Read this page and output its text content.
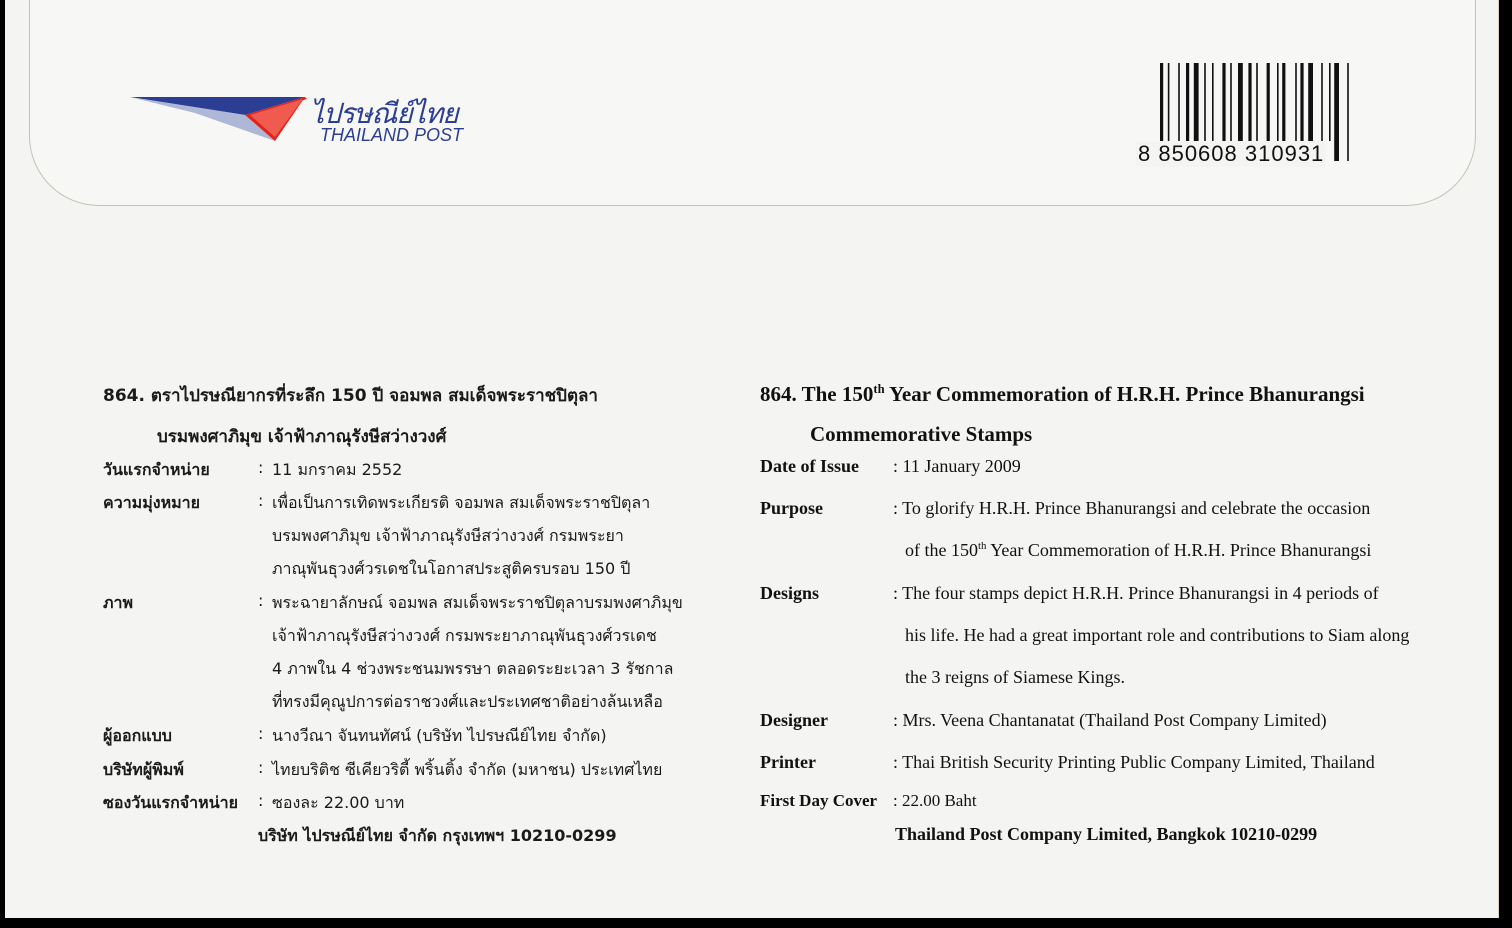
ไปรษณีย์ไทย
THAILAND POST
8 850608 310931
864. ตราไปรษณียากรที่ระลึก 150 ปี จอมพล สมเด็จพระราชปิตุลา
บรมพงศาภิมุข เจ้าฟ้าภาณุรังษีสว่างวงศ์
วันแรกจำหน่าย	: 11 มกราคม 2552
ความมุ่งหมาย	: เพื่อเป็นการเทิดพระเกียรติ จอมพล สมเด็จพระราชปิตุลา
บรมพงศาภิมุข เจ้าฟ้าภาณุรังษีสว่างวงศ์ กรมพระยา
ภาณุพันธุวงศ์วรเดชในโอกาสประสูติครบรอบ 150 ปี
ภาพ	: พระฉายาลักษณ์ จอมพล สมเด็จพระราชปิตุลาบรมพงศาภิมุข
เจ้าฟ้าภาณุรังษีสว่างวงศ์ กรมพระยาภาณุพันธุวงศ์วรเดช
4 ภาพใน 4 ช่วงพระชนมพรรษา ตลอดระยะเวลา 3 รัชกาล
ที่ทรงมีคุณูปการต่อราชวงศ์และประเทศชาติอย่างล้นเหลือ
ผู้ออกแบบ	: นางวีณา จันทนทัศน์ (บริษัท ไปรษณีย์ไทย จำกัด)
บริษัทผู้พิมพ์	: ไทยบริติช ซีเคียวริตี้ พริ้นติ้ง จำกัด (มหาชน) ประเทศไทย
ซองวันแรกจำหน่าย : ซองละ 22.00 บาท
บริษัท ไปรษณีย์ไทย จำกัด กรุงเทพฯ 10210-0299
864. The 150th Year Commemoration of H.R.H. Prince Bhanurangsi
Commemorative Stamps
Date of Issue : 11 January 2009
Purpose	: To glorify H.R.H. Prince Bhanurangsi and celebrate the occasion
of the 150th Year Commemoration of H.R.H. Prince Bhanurangsi
Designs	: The four stamps depict H.R.H. Prince Bhanurangsi in 4 periods of
his life. He had a great important role and contributions to Siam along
the 3 reigns of Siamese Kings.
Designer	: Mrs. Veena Chantanatat (Thailand Post Company Limited)
Printer	: Thai British Security Printing Public Company Limited, Thailand
First Day Cover : 22.00 Baht
Thailand Post Company Limited, Bangkok 10210-0299
